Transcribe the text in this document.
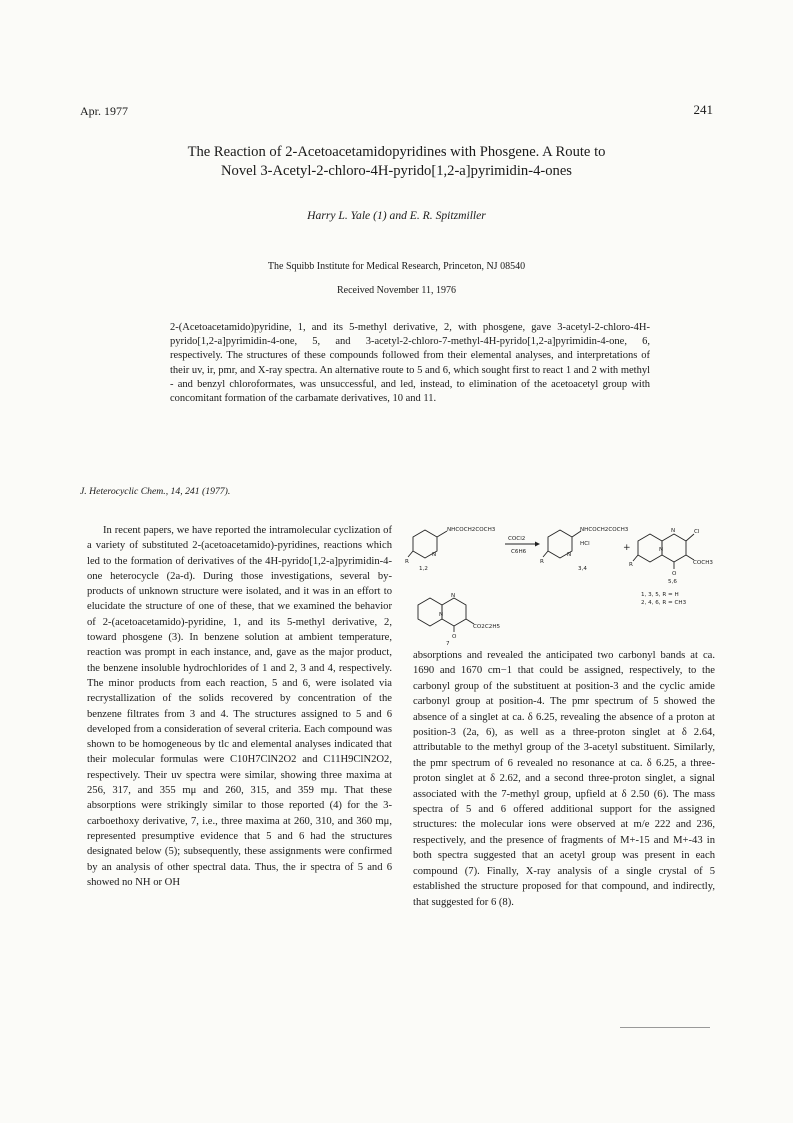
Apr. 1977	241
The Reaction of 2-Acetoacetamidopyridines with Phosgene. A Route to
Novel 3-Acetyl-2-chloro-4H-pyrido[1,2-a]pyrimidin-4-ones
Harry L. Yale (1) and E. R. Spitzmiller
The Squibb Institute for Medical Research, Princeton, NJ 08540
Received November 11, 1976
2-(Acetoacetamido)pyridine, 1, and its 5-methyl derivative, 2, with phosgene, gave 3-acetyl-2-chloro-4H-pyrido[1,2-a]pyrimidin-4-one, 5, and 3-acetyl-2-chloro-7-methyl-4H-pyrido[1,2-a]pyrimidin-4-one, 6, respectively. The structures of these compounds followed from their elemental analyses, and interpretations of their uv, ir, pmr, and X-ray spectra. An alternative route to 5 and 6, which sought first to react 1 and 2 with methyl - and benzyl chloroformates, was unsuccessful, and led, instead, to elimination of the acetoacetyl group with concomitant formation of the carbamate derivatives, 10 and 11.
J. Heterocyclic Chem., 14, 241 (1977).
In recent papers, we have reported the intramolecular cyclization of a variety of substituted 2-(acetoacetamido)-pyridines, reactions which led to the formation of derivatives of the 4H-pyrido[1,2-a]pyrimidin-4-one heterocycle (2a-d). During those investigations, several by-products of unknown structure were isolated, and it was in an effort to elucidate the structure of one of these, that we examined the behavior of 2-(acetoacetamido)-pyridine, 1, and its 5-methyl derivative, 2, toward phosgene (3). In benzene solution at ambient temperature, reaction was prompt in each instance, and, gave as the major product, the benzene insoluble hydrochlorides of 1 and 2, 3 and 4, respectively. The minor products from each reaction, 5 and 6, were isolated via recrystallization of the solids recovered by concentration of the benzene filtrates from 3 and 4. The structures assigned to 5 and 6 developed from a consideration of several criteria. Each compound was shown to be homogeneous by tlc and elemental analyses indicated that their molecular formulas were C10H7ClN2O2 and C11H9ClN2O2, respectively. Their uv spectra were similar, showing three maxima at 256, 317, and 355 mμ and 260, 315, and 359 mμ. That these absorptions were strikingly similar to those reported (4) for the 3-carboethoxy derivative, 7, i.e., three maxima at 260, 310, and 360 mμ, represented presumptive evidence that 5 and 6 had the structures designated below (5); subsequently, these assignments were confirmed by an analysis of other spectral data. Thus, the ir spectra of 5 and 6 showed no NH or OH
NHCOCH2COCH3
N
R
1,2
COCl2
C6H6
NHCOCH2COCH3
N
HCl
R
3,4
+
N
N
Cl
COCH3
O
R
5,6
1, 3, 5, R = H
2, 4, 6, R = CH3
N
N
O
CO2C2H5
7
absorptions and revealed the anticipated two carbonyl bands at ca. 1690 and 1670 cm−1 that could be assigned, respectively, to the carbonyl group of the substituent at position-3 and the cyclic amide carbonyl group at position-4. The pmr spectrum of 5 showed the absence of a singlet at ca. δ 6.25, revealing the absence of a proton at position-3 (2a, 6), as well as a three-proton singlet at δ 2.64, attributable to the methyl group of the 3-acetyl substituent. Similarly, the pmr spectrum of 6 revealed no resonance at ca. δ 6.25, a three-proton singlet at δ 2.62, and a second three-proton singlet, a signal associated with the 7-methyl group, upfield at δ 2.50 (6). The mass spectra of 5 and 6 offered additional support for the assigned structures: the molecular ions were observed at m/e 222 and 236, respectively, and the presence of fragments of M+-15 and M+-43 in both spectra suggested that an acetyl group was present in each compound (7). Finally, X-ray analysis of a single crystal of 5 established the structure proposed for that compound, and indirectly, that suggested for 6 (8).
